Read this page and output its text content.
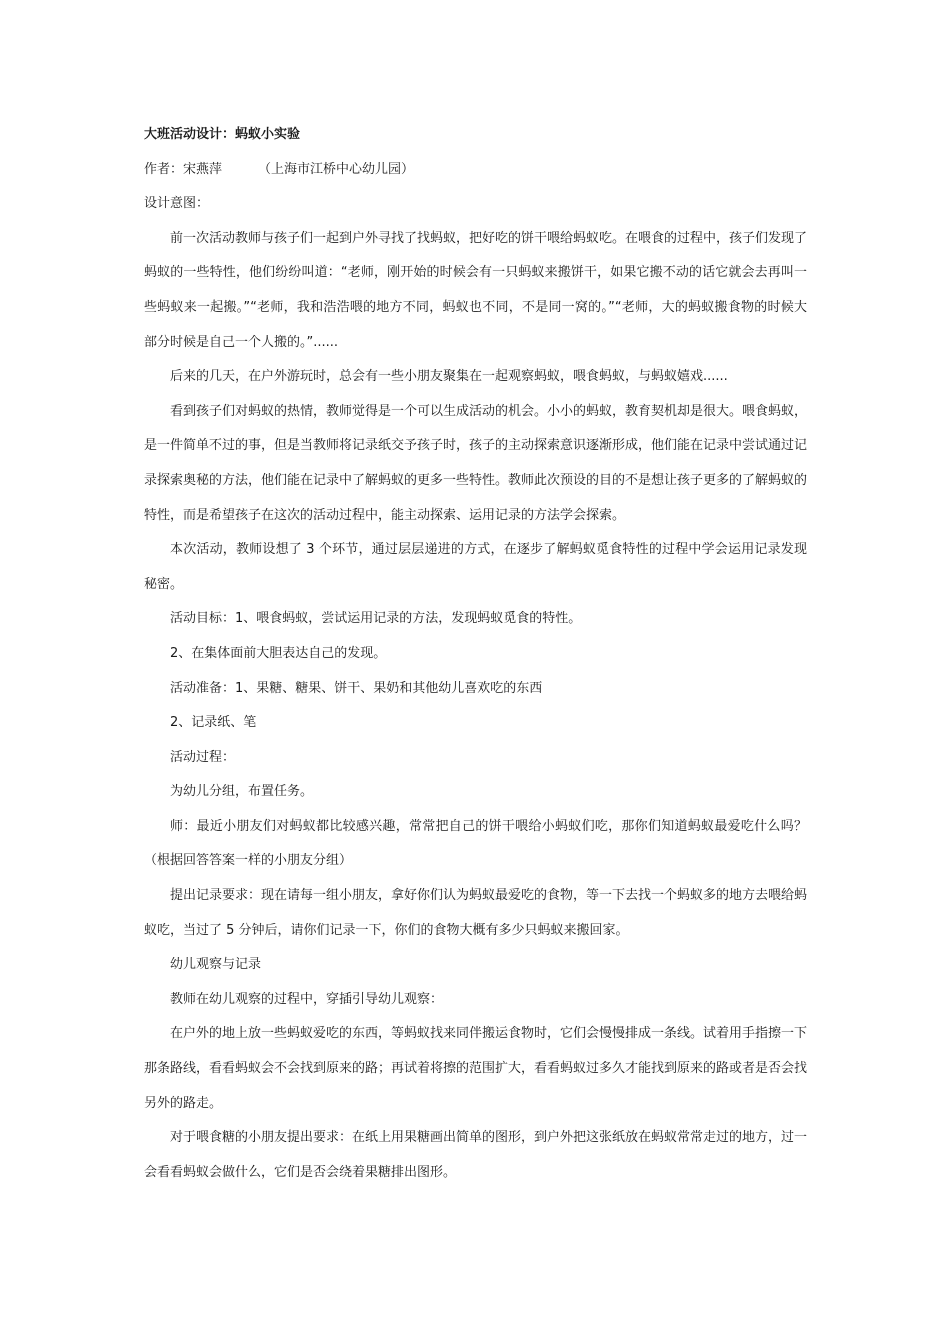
大班活动设计：蚂蚁小实验
作者：宋燕萍	（上海市江桥中心幼儿园）
设计意图：
前一次活动教师与孩子们一起到户外寻找了找蚂蚁，把好吃的饼干喂给蚂蚁吃。在喂食的过程中，孩子们发现了蚂蚁的一些特性，他们纷纷叫道：“老师，刚开始的时候会有一只蚂蚁来搬饼干，如果它搬不动的话它就会去再叫一些蚂蚁来一起搬。”“老师，我和浩浩喂的地方不同，蚂蚁也不同，不是同一窝的。”“老师，大的蚂蚁搬食物的时候大部分时候是自己一个人搬的。”......
后来的几天，在户外游玩时，总会有一些小朋友聚集在一起观察蚂蚁，喂食蚂蚁，与蚂蚁嬉戏......
看到孩子们对蚂蚁的热情，教师觉得是一个可以生成活动的机会。小小的蚂蚁，教育契机却是很大。喂食蚂蚁，是一件简单不过的事，但是当教师将记录纸交予孩子时，孩子的主动探索意识逐渐形成，他们能在记录中尝试通过记录探索奥秘的方法，他们能在记录中了解蚂蚁的更多一些特性。教师此次预设的目的不是想让孩子更多的了解蚂蚁的特性，而是希望孩子在这次的活动过程中，能主动探索、运用记录的方法学会探索。
本次活动，教师设想了 3 个环节，通过层层递进的方式，在逐步了解蚂蚁觅食特性的过程中学会运用记录发现秘密。
活动目标：1、喂食蚂蚁，尝试运用记录的方法，发现蚂蚁觅食的特性。
2、在集体面前大胆表达自己的发现。
活动准备：1、果糖、糖果、饼干、果奶和其他幼儿喜欢吃的东西
2、记录纸、笔
活动过程：
为幼儿分组，布置任务。
师：最近小朋友们对蚂蚁都比较感兴趣，常常把自己的饼干喂给小蚂蚁们吃，那你们知道蚂蚁最爱吃什么吗？（根据回答答案一样的小朋友分组）
提出记录要求：现在请每一组小朋友，拿好你们认为蚂蚁最爱吃的食物，等一下去找一个蚂蚁多的地方去喂给蚂蚁吃，当过了 5 分钟后，请你们记录一下，你们的食物大概有多少只蚂蚁来搬回家。
幼儿观察与记录
教师在幼儿观察的过程中，穿插引导幼儿观察：
在户外的地上放一些蚂蚁爱吃的东西，等蚂蚁找来同伴搬运食物时，它们会慢慢排成一条线。试着用手指擦一下那条路线，看看蚂蚁会不会找到原来的路；再试着将擦的范围扩大，看看蚂蚁过多久才能找到原来的路或者是否会找另外的路走。
对于喂食糖的小朋友提出要求：在纸上用果糖画出简单的图形，到户外把这张纸放在蚂蚁常常走过的地方，过一会看看蚂蚁会做什么，它们是否会绕着果糖排出图形。
